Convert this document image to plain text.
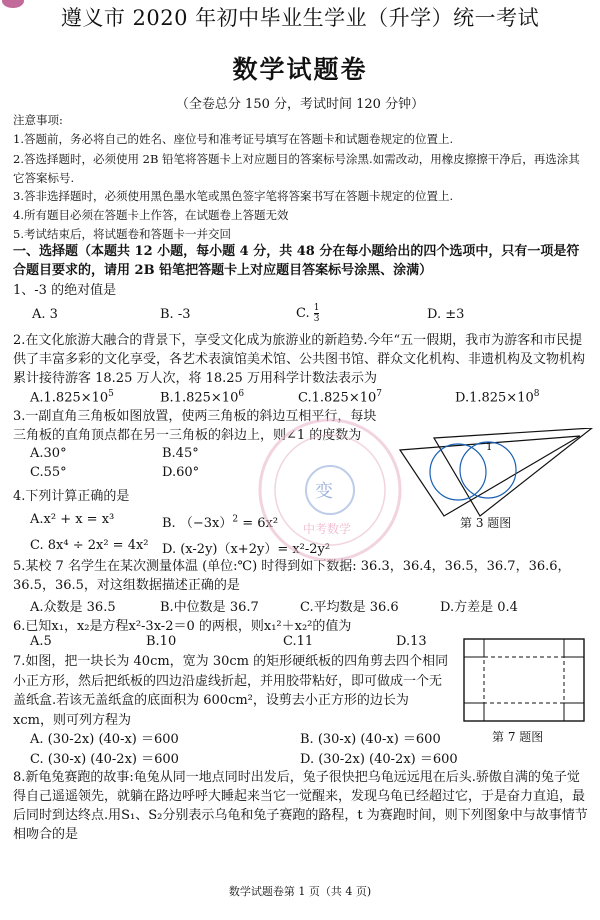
遵义市 2020 年初中毕业生学业（升学）统一考试
数学试题卷
（全卷总分 150 分，考试时间 120 分钟）
注意事项:
1.答题前，务必将自己的姓名、座位号和准考证号填写在答题卡和试题卷规定的位置上.
2.答选择题时，必须使用 2B 铅笔将答题卡上对应题目的答案标号涂黑.如需改动，用橡皮擦擦干净后，再选涂其它答案标号.
3.答非选择题时，必须使用黑色墨水笔或黑色签字笔将答案书写在答题卡规定的位置上.
4.所有题目必须在答题卡上作答，在试题卷上答题无效
5.考试结束后，将试题卷和答题卡一并交回
一、选择题（本题共 12 小题，每小题 4 分，共 48 分在每小题给出的四个选项中，只有一项是符合题目要求的，请用 2B 铅笔把答题卡上对应题目答案标号涂黑、涂满）
1、-3 的绝对值是
A. 3	B. -3	C. $\frac{1}{3}$	D. ±3
2.在文化旅游大融合的背景下，享受文化成为旅游业的新趋势.今年“五一假期，我市为游客和市民提供了丰富多彩的文化享受，各艺术表演馆美术馆、公共图书馆、群众文化机构、非遗机构及文物机构累计接待游客 18.25 万人次，将 18.25 万用科学计数法表示为
$A.1.825\times 10^5$	$B.1.825\times 10^6$	$C.1.825\times 10^7$	$D.1.825\times 10^8$
3.一副直角三角板如图放置，使两三角板的斜边互相平行，每块三角板的直角顶点都在另一三角板的斜边上，则∠1 的度数为
A.30°	B.45°
C.55°	D.60°
1
第 3 题图
4.下列计算正确的是
A.x² + x = x³	B. $(-3x)^2 = 6x^2$
C. 8x⁴ ÷ 2x² = 4x² D. (x-2y)（x+2y）= x²-2y²
5.某校 7 名学生在某次测量体温 (单位:℃) 时得到如下数据: 36.3，36.4，36.5，36.7，36.6，36.5，36.5，对这组数据描述正确的是
A.众数是 36.5	B.中位数是 36.7	C.平均数是 36.6	D.方差是 0.4
6.已知x₁，x₂是方程x²-3x-2＝0 的两根，则x₁²＋x₂²的值为
A.5	B.10	C.11	D.13
7.如图，把一块长为 40cm，宽为 30cm 的矩形硬纸板的四角剪去四个相同小正方形，然后把纸板的四边沿虚线折起，并用胶带粘好，即可做成一个无盖纸盒.若该无盖纸盒的底面积为 600cm²，设剪去小正方形的边长为 xcm，则可列方程为
A. (30-2x) (40-x) ＝600	B. (30-x) (40-x) ＝600
C. (30-x) (40-2x) ＝600	D. (30-2x) (40-2x) ＝600
第 7 题图
8.新龟兔赛跑的故事:龟兔从同一地点同时出发后，兔子很快把乌龟远远甩在后头.骄傲自满的兔子觉得自己遥遥领先，就躺在路边呼呼大睡起来当它一觉醒来，发现乌龟已经超过它，于是奋力直追，最后同时到达终点.用S₁、S₂分别表示乌龟和兔子赛跑的路程，t 为赛跑时间，则下列图象中与故事情节相吻合的是
变
中考数学
数学试题卷第 1 页（共 4 页)
